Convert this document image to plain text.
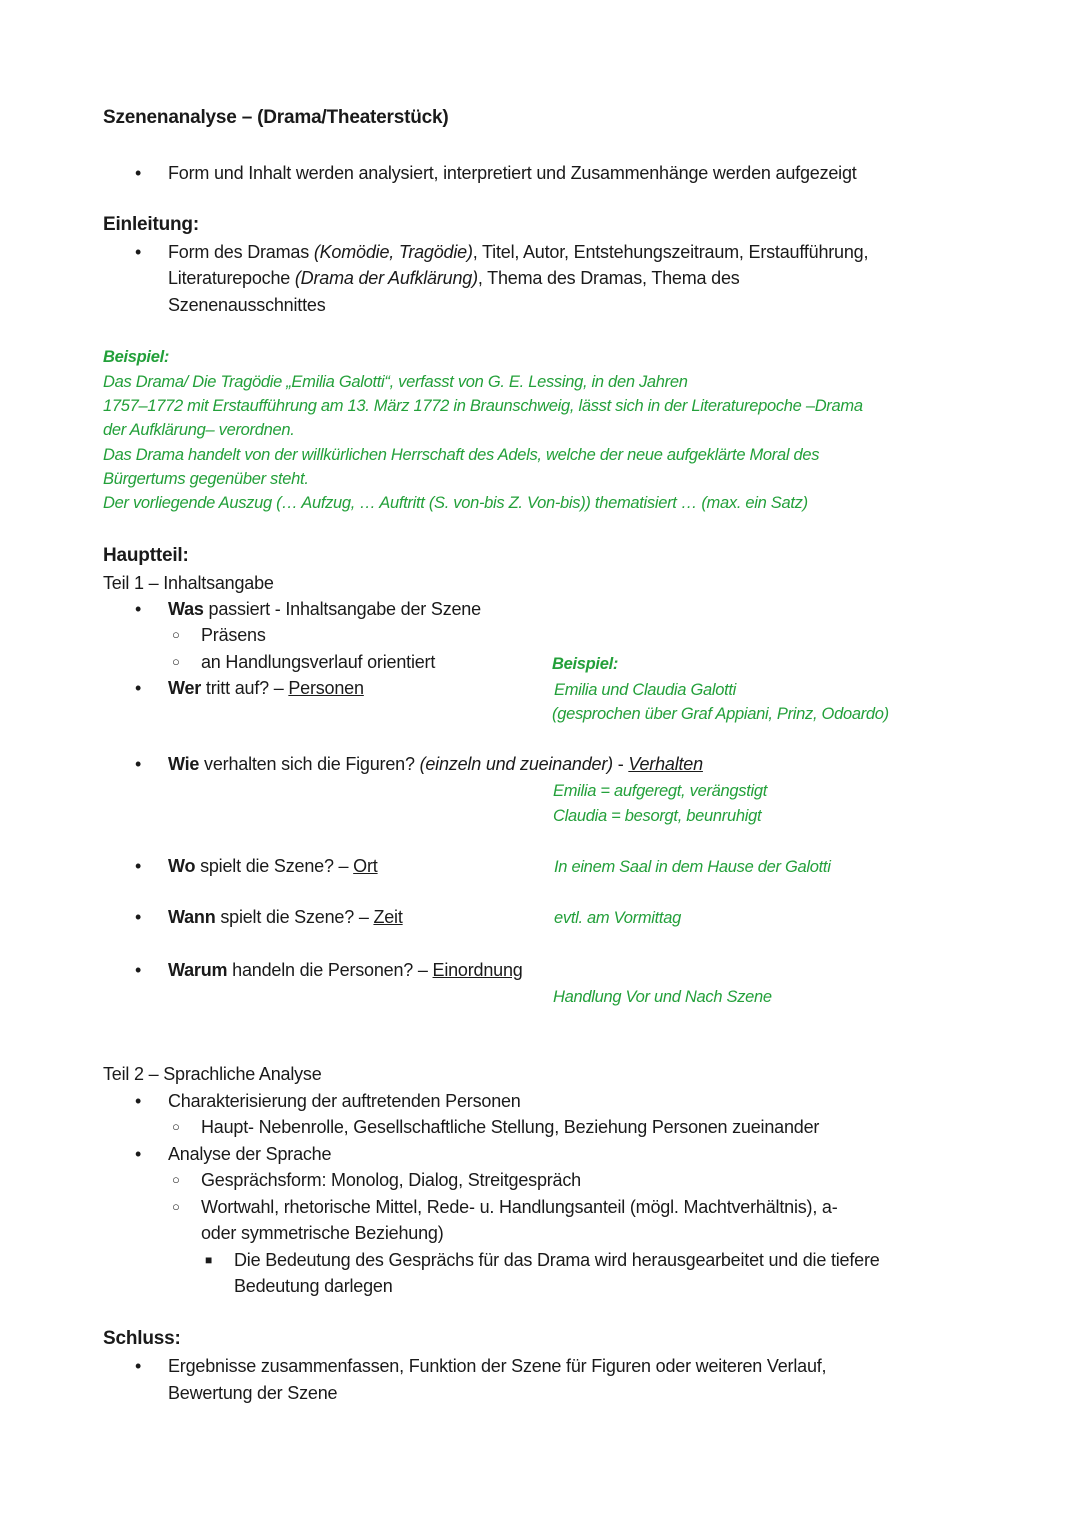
Szenenanalyse – (Drama/Theaterstück)
• Form und Inhalt werden analysiert, interpretiert und Zusammenhänge werden aufgezeigt
Einleitung:
• Form des Dramas (Komödie, Tragödie), Titel, Autor, Entstehungszeitraum, Erstaufführung,
Literaturepoche (Drama der Aufklärung), Thema des Dramas, Thema des
Szenenausschnittes
Beispiel:
Das Drama/ Die Tragödie „Emilia Galotti“, verfasst von G. E. Lessing, in den Jahren
1757–1772 mit Erstaufführung am 13. März 1772 in Braunschweig, lässt sich in der Literaturepoche –Drama
der Aufklärung– verordnen.
Das Drama handelt von der willkürlichen Herrschaft des Adels, welche der neue aufgeklärte Moral des
Bürgertums gegenüber steht.
Der vorliegende Auszug (… Aufzug, … Auftritt (S. von-bis Z. Von-bis)) thematisiert … (max. ein Satz)
Hauptteil:
Teil 1 – Inhaltsangabe
• Was passiert - Inhaltsangabe der Szene
○ Präsens
○ an Handlungsverlauf orientiert	Beispiel:
• Wer tritt auf? – Personen	Emilia und Claudia Galotti
(gesprochen über Graf Appiani, Prinz, Odoardo)
• Wie verhalten sich die Figuren? (einzeln und zueinander) - Verhalten
Emilia = aufgeregt, verängstigt
Claudia = besorgt, beunruhigt
• Wo spielt die Szene? – Ort	In einem Saal in dem Hause der Galotti
• Wann spielt die Szene? – Zeit	evtl. am Vormittag
• Warum handeln die Personen? – Einordnung
Handlung Vor und Nach Szene
Teil 2 – Sprachliche Analyse
• Charakterisierung der auftretenden Personen
○ Haupt- Nebenrolle, Gesellschaftliche Stellung, Beziehung Personen zueinander
• Analyse der Sprache
○ Gesprächsform: Monolog, Dialog, Streitgespräch
○ Wortwahl, rhetorische Mittel, Rede- u. Handlungsanteil (mögl. Machtverhältnis), a-
oder symmetrische Beziehung)
■ Die Bedeutung des Gesprächs für das Drama wird herausgearbeitet und die tiefere
Bedeutung darlegen
Schluss:
• Ergebnisse zusammenfassen, Funktion der Szene für Figuren oder weiteren Verlauf,
Bewertung der Szene
